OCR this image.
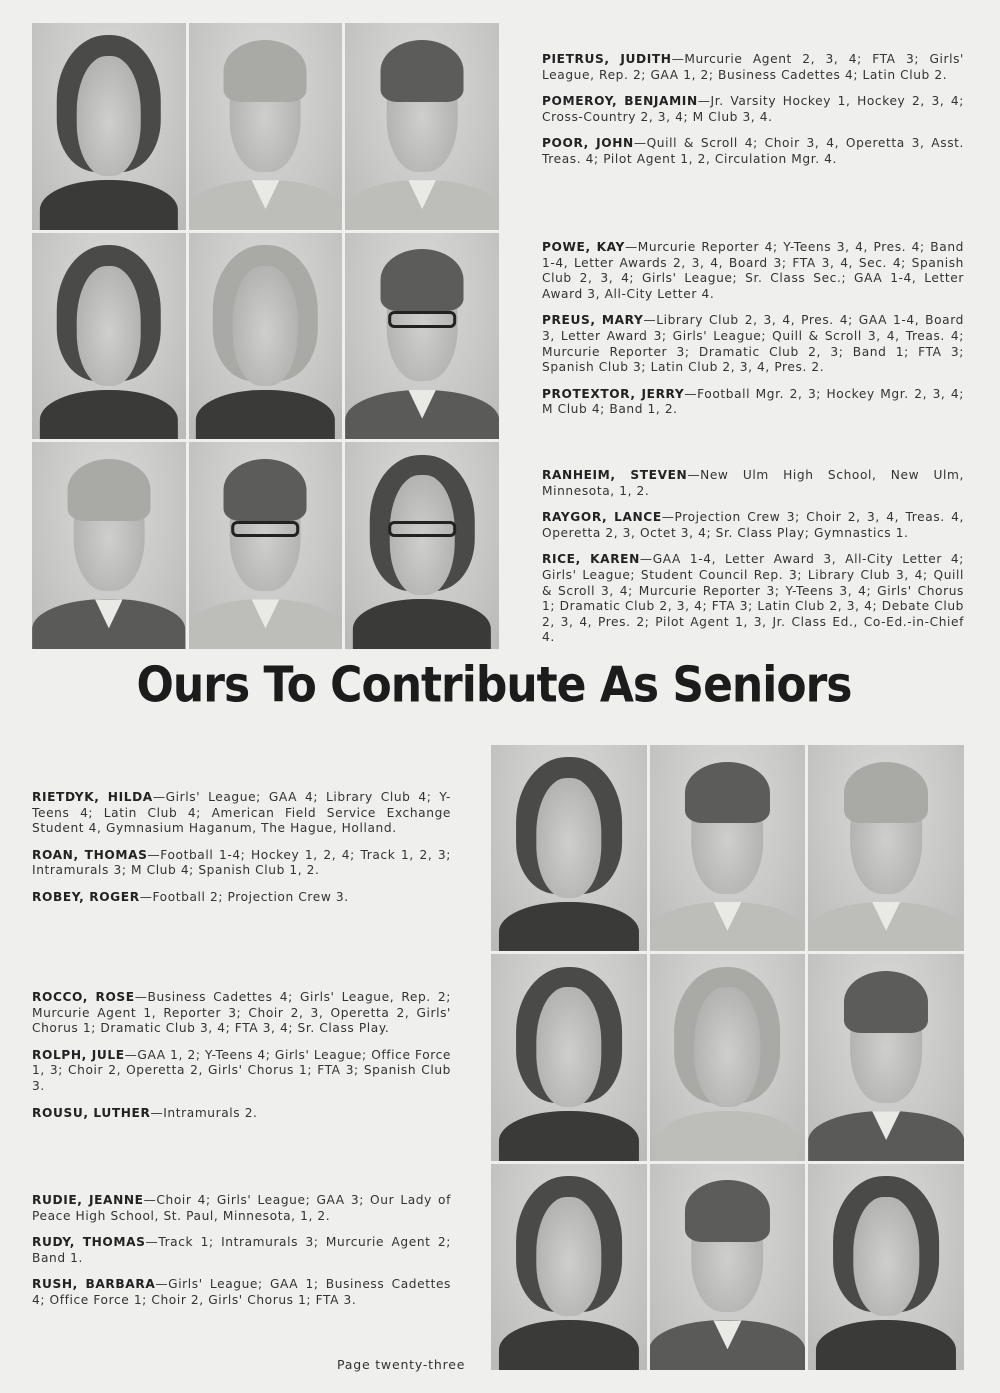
PIETRUS, JUDITH—Murcurie Agent 2, 3, 4; FTA 3; Girls' League, Rep. 2; GAA 1, 2; Business Cadettes 4; Latin Club 2.

POMEROY, BENJAMIN—Jr. Varsity Hockey 1, Hockey 2, 3, 4; Cross-Country 2, 3, 4; M Club 3, 4.

POOR, JOHN—Quill & Scroll 4; Choir 3, 4, Operetta 3, Asst. Treas. 4; Pilot Agent 1, 2, Circulation Mgr. 4.

POWE, KAY—Murcurie Reporter 4; Y-Teens 3, 4, Pres. 4; Band 1-4, Letter Awards 2, 3, 4, Board 3; FTA 3, 4, Sec. 4; Spanish Club 2, 3, 4; Girls' League; Sr. Class Sec.; GAA 1-4, Letter Award 3, All-City Letter 4.

PREUS, MARY—Library Club 2, 3, 4, Pres. 4; GAA 1-4, Board 3, Letter Award 3; Girls' League; Quill & Scroll 3, 4, Treas. 4; Murcurie Reporter 3; Dramatic Club 2, 3; Band 1; FTA 3; Spanish Club 3; Latin Club 2, 3, 4, Pres. 2.

PROTEXTOR, JERRY—Football Mgr. 2, 3; Hockey Mgr. 2, 3, 4; M Club 4; Band 1, 2.

RANHEIM, STEVEN—New Ulm High School, New Ulm, Minnesota, 1, 2.

RAYGOR, LANCE—Projection Crew 3; Choir 2, 3, 4, Treas. 4, Operetta 2, 3, Octet 3, 4; Sr. Class Play; Gymnastics 1.

RICE, KAREN—GAA 1-4, Letter Award 3, All-City Letter 4; Girls' League; Student Council Rep. 3; Library Club 3, 4; Quill & Scroll 3, 4; Murcurie Reporter 3; Y-Teens 3, 4; Girls' Chorus 1; Dramatic Club 2, 3, 4; FTA 3; Latin Club 2, 3, 4; Debate Club 2, 3, 4, Pres. 2; Pilot Agent 1, 3, Jr. Class Ed., Co-Ed.-in-Chief 4.

Ours To Contribute As Seniors

RIETDYK, HILDA—Girls' League; GAA 4; Library Club 4; Y-Teens 4; Latin Club 4; American Field Service Exchange Student 4, Gymnasium Haganum, The Hague, Holland.

ROAN, THOMAS—Football 1-4; Hockey 1, 2, 4; Track 1, 2, 3; Intramurals 3; M Club 4; Spanish Club 1, 2.

ROBEY, ROGER—Football 2; Projection Crew 3.

ROCCO, ROSE—Business Cadettes 4; Girls' League, Rep. 2; Murcurie Agent 1, Reporter 3; Choir 2, 3, Operetta 2, Girls' Chorus 1; Dramatic Club 3, 4; FTA 3, 4; Sr. Class Play.

ROLPH, JULE—GAA 1, 2; Y-Teens 4; Girls' League; Office Force 1, 3; Choir 2, Operetta 2, Girls' Chorus 1; FTA 3; Spanish Club 3.

ROUSU, LUTHER—Intramurals 2.

RUDIE, JEANNE—Choir 4; Girls' League; GAA 3; Our Lady of Peace High School, St. Paul, Minnesota, 1, 2.

RUDY, THOMAS—Track 1; Intramurals 3; Murcurie Agent 2; Band 1.

RUSH, BARBARA—Girls' League; GAA 1; Business Cadettes 4; Office Force 1; Choir 2, Girls' Chorus 1; FTA 3.

Page twenty-three
